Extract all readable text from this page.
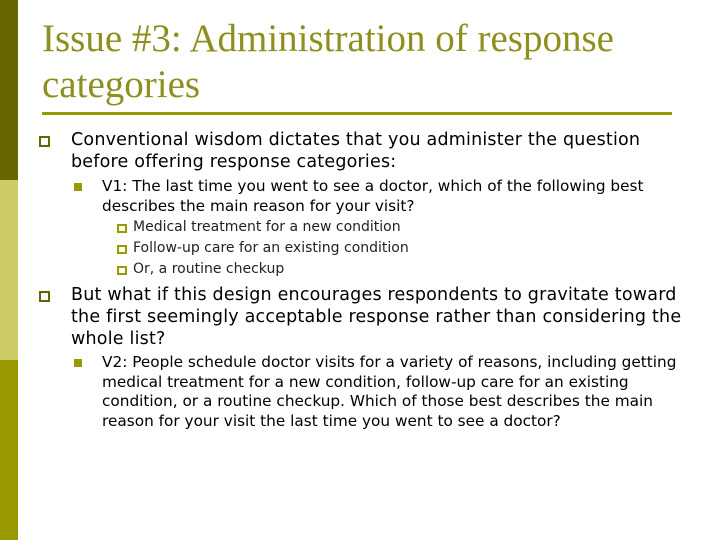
Issue #3: Administration of response categories
Conventional wisdom dictates that you administer the question before offering response categories:
V1: The last time you went to see a doctor, which of the following best describes the main reason for your visit?
Medical treatment for a new condition
Follow-up care for an existing condition
Or, a routine checkup
But what if this design encourages respondents to gravitate toward the first seemingly acceptable response rather than considering the whole list?
V2: People schedule doctor visits for a variety of reasons, including getting medical treatment for a new condition, follow-up care for an existing condition, or a routine checkup. Which of those best describes the main reason for your visit the last time you went to see a doctor?
